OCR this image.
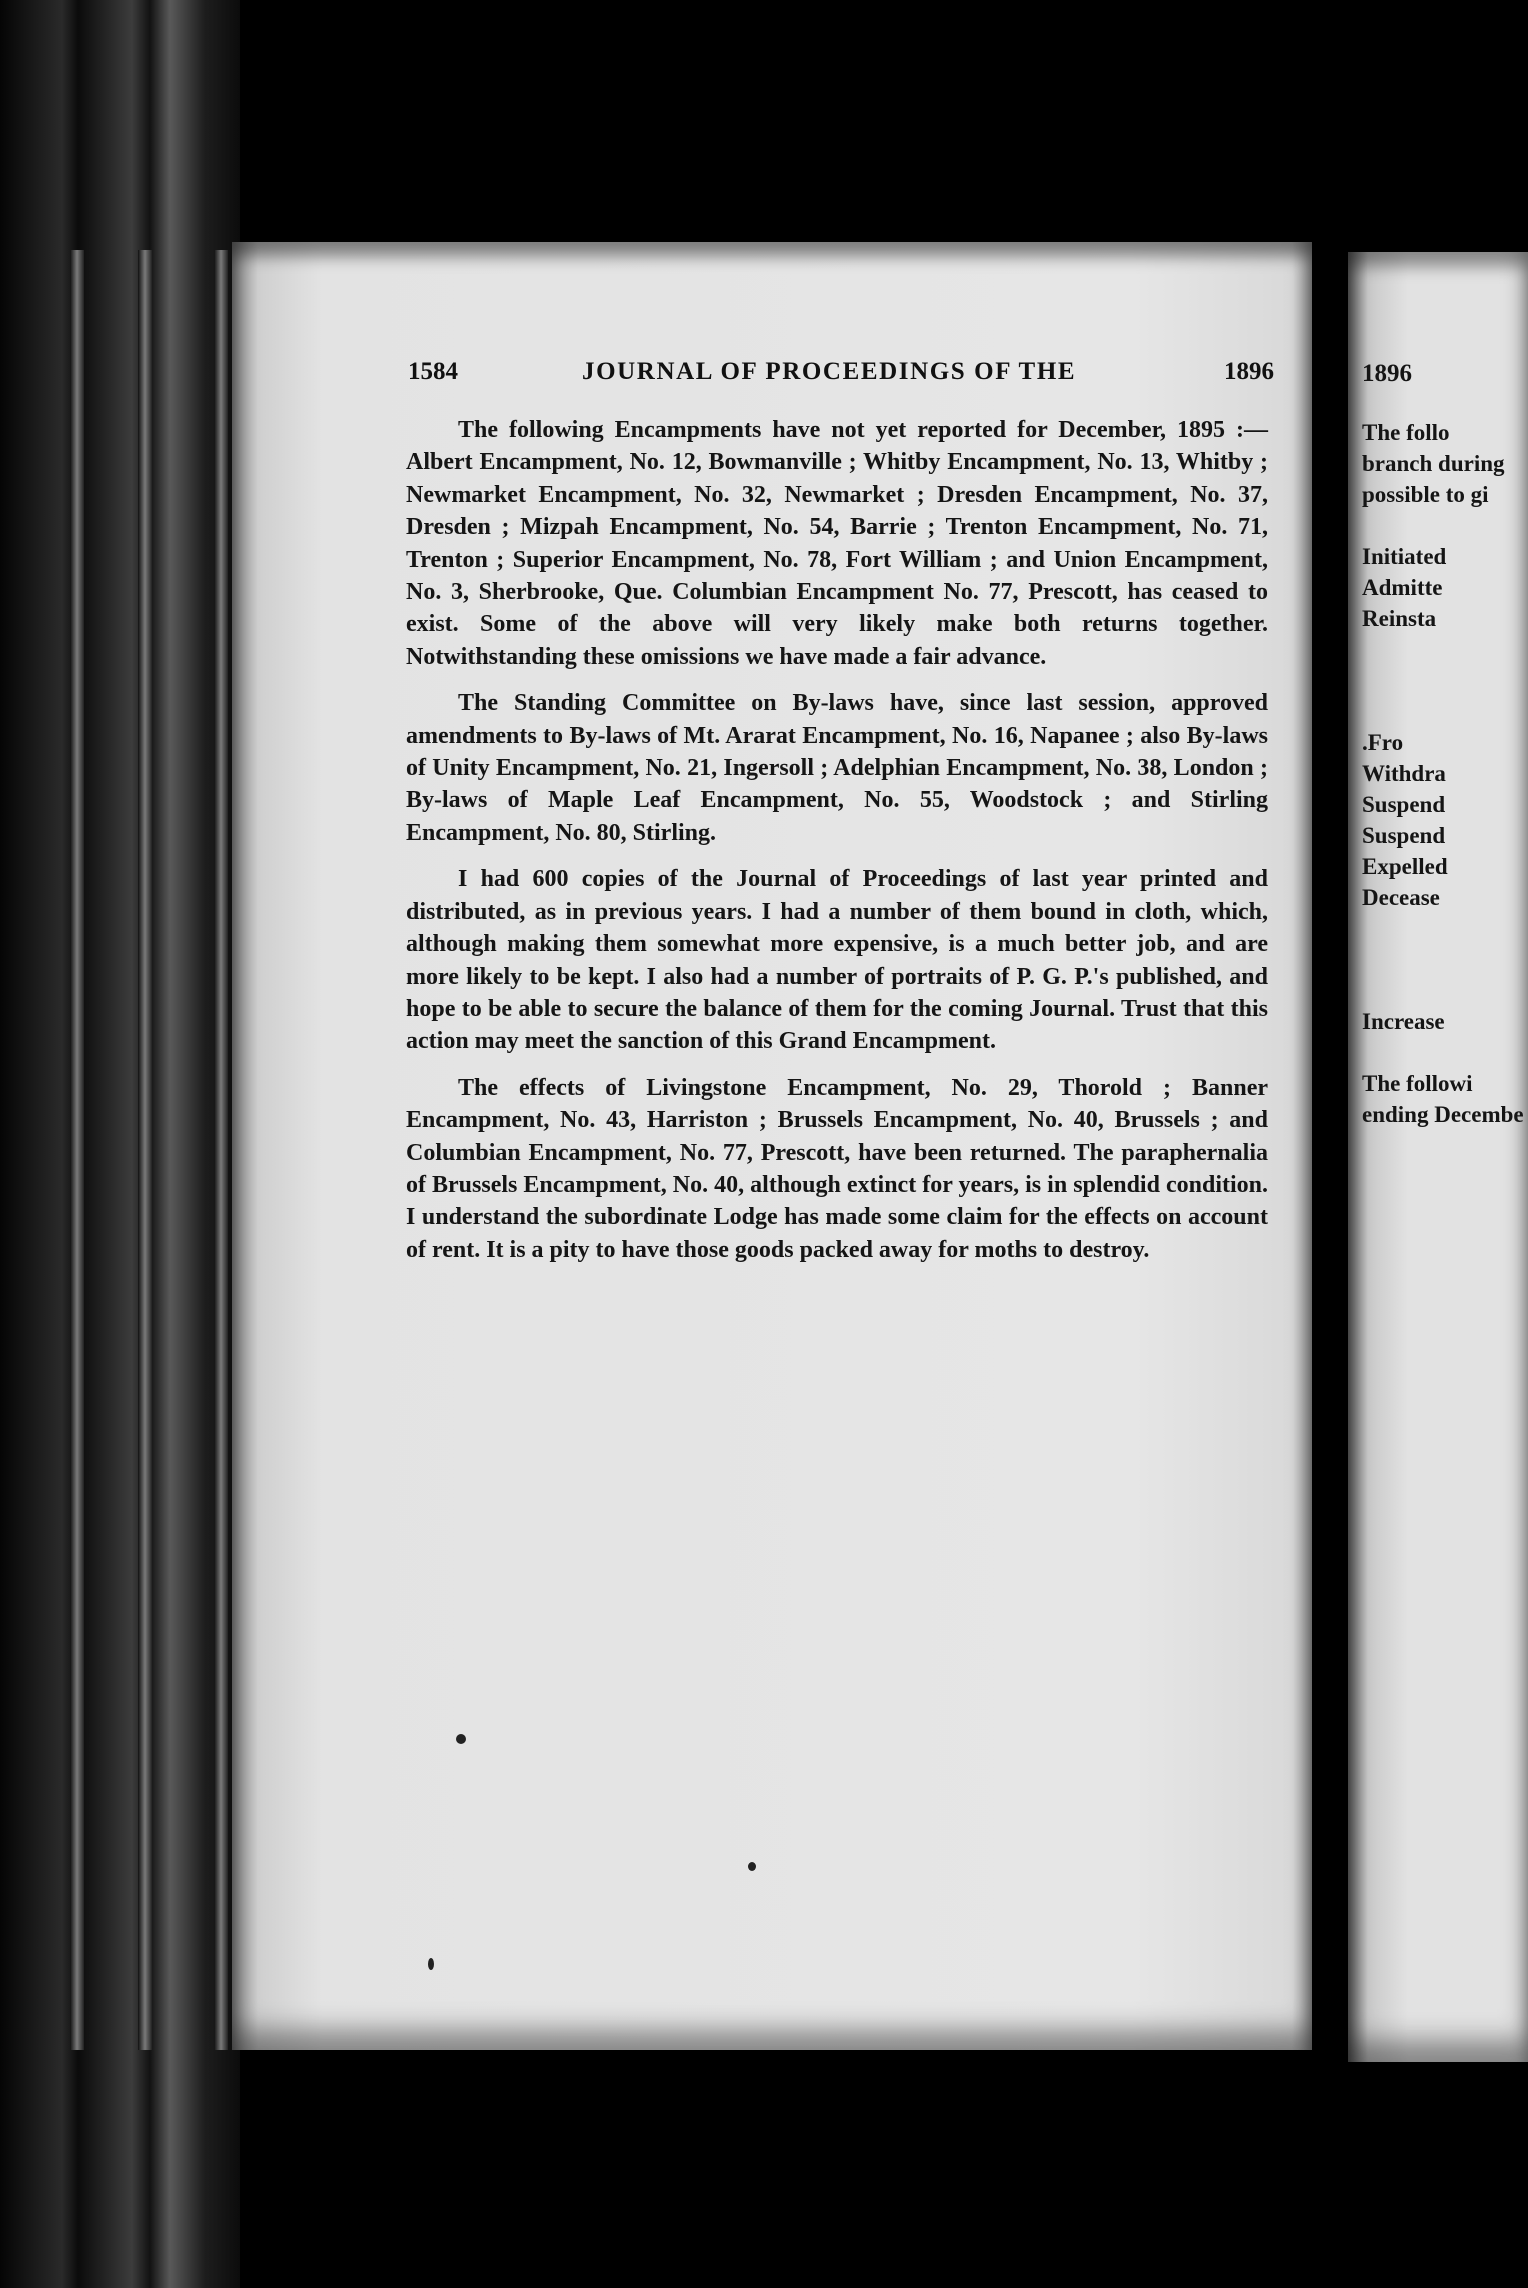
1584	JOURNAL OF PROCEEDINGS OF THE	1896

The following Encampments have not yet reported for December, 1895 :—Albert Encampment, No. 12, Bowmanville ; Whitby Encampment, No. 13, Whitby ; Newmarket Encampment, No. 32, Newmarket ; Dresden Encampment, No. 37, Dresden ; Mizpah Encampment, No. 54, Barrie ; Trenton Encampment, No. 71, Trenton ; Superior Encampment, No. 78, Fort William ; and Union Encampment, No. 3, Sherbrooke, Que. Columbian Encampment No. 77, Prescott, has ceased to exist. Some of the above will very likely make both returns together. Notwithstanding these omissions we have made a fair advance.

The Standing Committee on By-laws have, since last session, approved amendments to By-laws of Mt. Ararat Encampment, No. 16, Napanee ; also By-laws of Unity Encampment, No. 21, Ingersoll ; Adelphian Encampment, No. 38, London ; By-laws of Maple Leaf Encampment, No. 55, Woodstock ; and Stirling Encampment, No. 80, Stirling.

I had 600 copies of the Journal of Proceedings of last year printed and distributed, as in previous years. I had a number of them bound in cloth, which, although making them somewhat more expensive, is a much better job, and are more likely to be kept. I also had a number of portraits of P. G. P.'s published, and hope to be able to secure the balance of them for the coming Journal. Trust that this action may meet the sanction of this Grand Encampment.

The effects of Livingstone Encampment, No. 29, Thorold ; Banner Encampment, No. 43, Harriston ; Brussels Encampment, No. 40, Brussels ; and Columbian Encampment, No. 77, Prescott, have been returned. The paraphernalia of Brussels Encampment, No. 40, although extinct for years, is in splendid condition. I understand the subordinate Lodge has made some claim for the effects on account of rent. It is a pity to have those goods packed away for moths to destroy.

1896
The follo
branch during
possible to gi

Initiated
Admitte
Reinsta

.Fro
Withdra
Suspend
Suspend
Expelled
Decease

Increase

The followi
ending Decembe
